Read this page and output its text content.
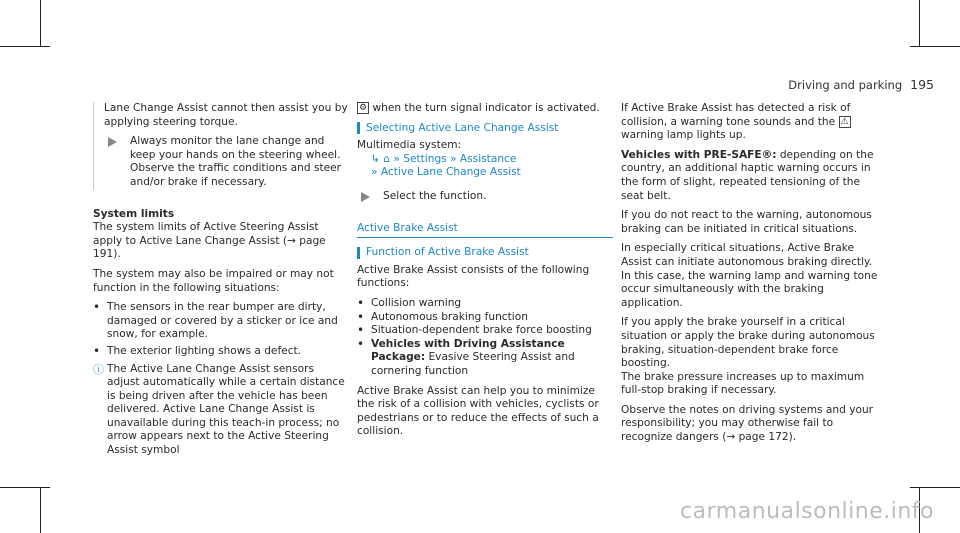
Driving and parking 195

Lane Change Assist cannot then assist you by applying steering torque.

Always monitor the lane change and keep your hands on the steering wheel. Observe the traffic conditions and steer and/or brake if necessary.
System limits

The system limits of Active Steering Assist apply to Active Lane Change Assist (→ page 191).

The system may also be impaired or may not function in the following situations:

• The sensors in the rear bumper are dirty, damaged or covered by a sticker or ice and snow, for example.
• The exterior lighting shows a defect.
ⓘ The Active Lane Change Assist sensors adjust automatically while a certain distance is being driven after the vehicle has been delivered. Active Lane Change Assist is unavailable during this teach-in process; no arrow appears next to the Active Steering Assist symbol

⚙ when the turn signal indicator is activated.

Selecting Active Lane Change Assist
Multimedia system:
↳ ⌂ » Settings » Assistance
» Active Lane Change Assist
Select the function.
Active Brake Assist
Function of Active Brake Assist

Active Brake Assist consists of the following functions:

• Collision warning
• Autonomous braking function
• Situation-dependent brake force boosting
• Vehicles with Driving Assistance Package: Evasive Steering Assist and cornering function

Active Brake Assist can help you to minimize the risk of a collision with vehicles, cyclists or pedestrians or to reduce the effects of such a collision.

If Active Brake Assist has detected a risk of collision, a warning tone sounds and the ⚠ warning lamp lights up.

Vehicles with PRE-SAFE®: depending on the country, an additional haptic warning occurs in the form of slight, repeated tensioning of the seat belt.

If you do not react to the warning, autonomous braking can be initiated in critical situations.

In especially critical situations, Active Brake Assist can initiate autonomous braking directly. In this case, the warning lamp and warning tone occur simultaneously with the braking application.

If you apply the brake yourself in a critical situation or apply the brake during autonomous braking, situation-dependent brake force boosting.

The brake pressure increases up to maximum full-stop braking if necessary.

Observe the notes on driving systems and your responsibility; you may otherwise fail to recognize dangers (→ page 172).

carmanualsonline.info
